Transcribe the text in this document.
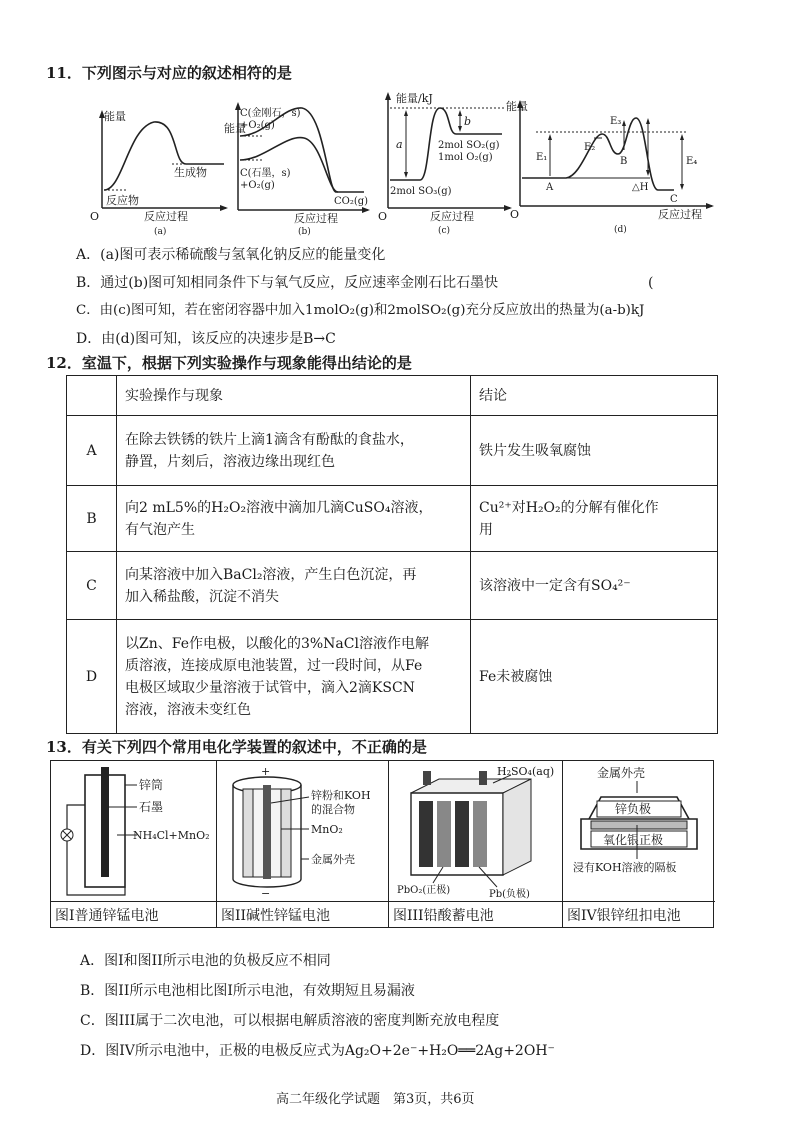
11．下列图示与对应的叙述相符的是
能量
生成物
反应物
O	反应过程
(a)
能量
C(金刚石，s)
+O₂(g)
C(石墨，s)
+O₂(g)
CO₂(g)
反应过程
(b)
能量/kJ
a
b
2mol SO₂(g)
1mol O₂(g)
2mol SO₃(g)
O	反应过程
(c)
能量
E₁
E₂
E₃
E₄
A
B
C
△H
O	反应过程
(d)
A．(a)图可表示稀硫酸与氢氧化钠反应的能量变化
B．通过(b)图可知相同条件下与氧气反应，反应速率金刚石比石墨快	(
C．由(c)图可知，若在密闭容器中加入1molO₂(g)和2molSO₂(g)充分反应放出的热量为(a-b)kJ
D．由(d)图可知，该反应的决速步是B→C
12．室温下，根据下列实验操作与现象能得出结论的是
	实验操作与现象	结论
A	在除去铁锈的铁片上滴1滴含有酚酞的食盐水，
静置，片刻后，溶液边缘出现红色	铁片发生吸氧腐蚀
B	向2 mL5%的H₂O₂溶液中滴加几滴CuSO₄溶液，
有气泡产生	Cu²⁺对H₂O₂的分解有催化作
用

C	向某溶液中加入BaCl₂溶液，产生白色沉淀，再
加入稀盐酸，沉淀不消失	该溶液中一定含有SO₄²⁻
D	以Zn、Fe作电极，以酸化的3%NaCl溶液作电解
质溶液，连接成原电池装置，过一段时间，从Fe
电极区域取少量溶液于试管中，滴入2滴KSCN
溶液，溶液未变红色	Fe未被腐蚀
13．有关下列四个常用电化学装置的叙述中，不正确的是
锌筒
石墨
NH₄Cl+MnO₂
图I普通锌锰电池
+
−
锌粉和KOH
的混合物
MnO₂
金属外壳
图II碱性锌锰电池
H₂SO₄(aq)
PbO₂(正极)	Pb(负极)
图III铅酸蓄电池
金属外壳
锌负极
氧化银正极
浸有KOH溶液的隔板
图IV银锌纽扣电池
A．图I和图II所示电池的负极反应不相同
B．图II所示电池相比图I所示电池，有效期短且易漏液
C．图III属于二次电池，可以根据电解质溶液的密度判断充放电程度
D．图IV所示电池中，正极的电极反应式为Ag₂O+2e⁻+H₂O══2Ag+2OH⁻
高二年级化学试题　第3页，共6页
